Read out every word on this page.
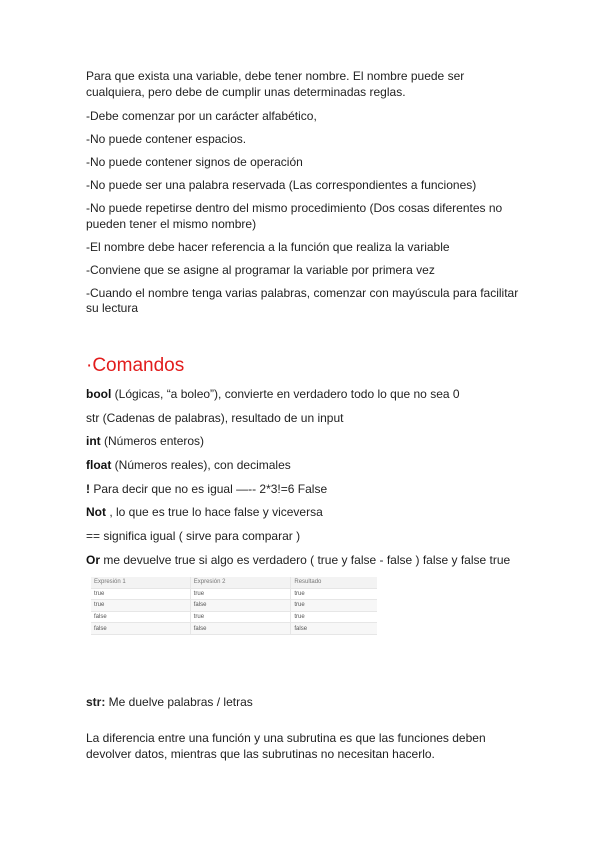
Para que exista una variable, debe tener nombre. El nombre puede ser cualquiera, pero debe de cumplir unas determinadas reglas.

-Debe comenzar por un carácter alfabético,

-No puede contener espacios.

-No puede contener signos de operación

-No puede ser una palabra reservada (Las correspondientes a funciones)

-No puede repetirse dentro del mismo procedimiento (Dos cosas diferentes no pueden tener el mismo nombre)

-El nombre debe hacer referencia a la función que realiza la variable

-Conviene que se asigne al programar la variable por primera vez

-Cuando el nombre tenga varias palabras, comenzar con mayúscula para facilitar su lectura

·Comandos

bool (Lógicas, “a boleo”), convierte en verdadero todo lo que no sea 0

str (Cadenas de palabras), resultado de un input

int (Números enteros)

float (Números reales), con decimales

! Para decir que no es igual —-- 2*3!=6 False

Not , lo que es true lo hace false y viceversa

== significa igual ( sirve para comparar )

Or me devuelve true si algo es verdadero ( true y false - false ) false y false true

Expresión 1	Expresión 2	Resultado
true	true	true
true	false	true
false	true	true
false	false	false

str: Me duelve palabras / letras

La diferencia entre una función y una subrutina es que las funciones deben devolver datos, mientras que las subrutinas no necesitan hacerlo.
